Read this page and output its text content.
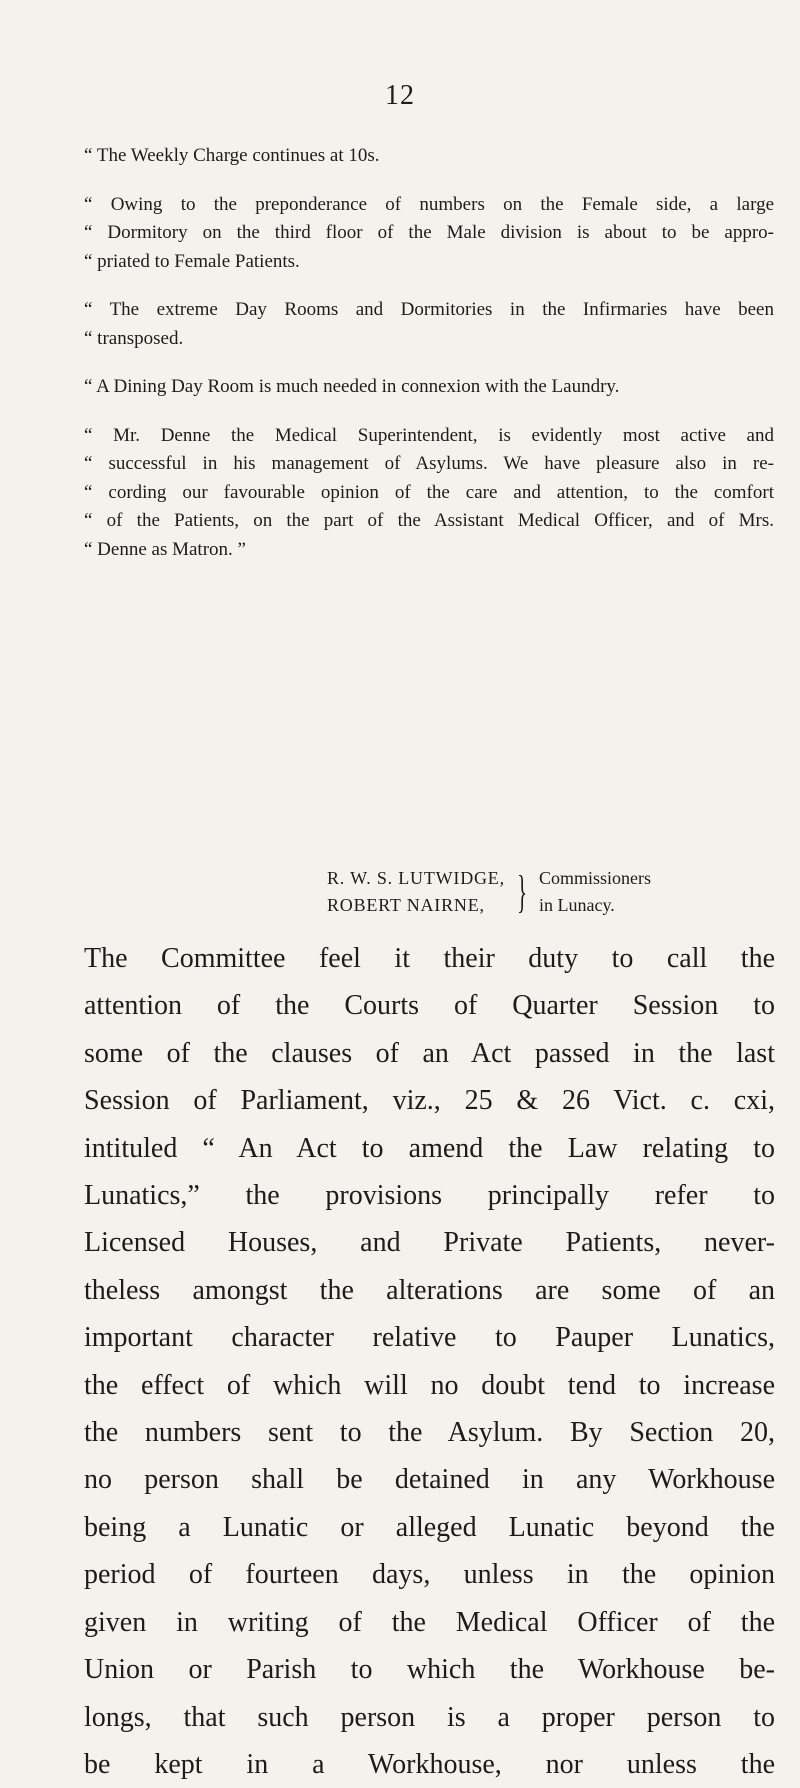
12
“ The Weekly Charge continues at 10s.
“ Owing to the preponderance of numbers on the Female side, a large
“ Dormitory on the third floor of the Male division is about to be appro-
“ priated to Female Patients.
“ The extreme Day Rooms and Dormitories in the Infirmaries have been
“ transposed.
“ A Dining Day Room is much needed in connexion with the Laundry.
“ Mr. Denne the Medical Superintendent, is evidently most active and
“ successful in his management of Asylums. We have pleasure also in re-
“ cording our favourable opinion of the care and attention, to the comfort
“ of the Patients, on the part of the Assistant Medical Officer, and of Mrs.
“ Denne as Matron. ”
R. W. S. LUTWIDGE,
ROBERT NAIRNE, } Commissioners
in Lunacy.
The Committee feel it their duty to call the
attention of the Courts of Quarter Session to
some of the clauses of an Act passed in the last
Session of Parliament, viz., 25 & 26 Vict. c. cxi,
intituled “ An Act to amend the Law relating to
Lunatics,” the provisions principally refer to
Licensed Houses, and Private Patients, never-
theless amongst the alterations are some of an
important character relative to Pauper Lunatics,
the effect of which will no doubt tend to increase
the numbers sent to the Asylum. By Section 20,
no person shall be detained in any Workhouse
being a Lunatic or alleged Lunatic beyond the
period of fourteen days, unless in the opinion
given in writing of the Medical Officer of the
Union or Parish to which the Workhouse be-
longs, that such person is a proper person to
be kept in a Workhouse, nor unless the
